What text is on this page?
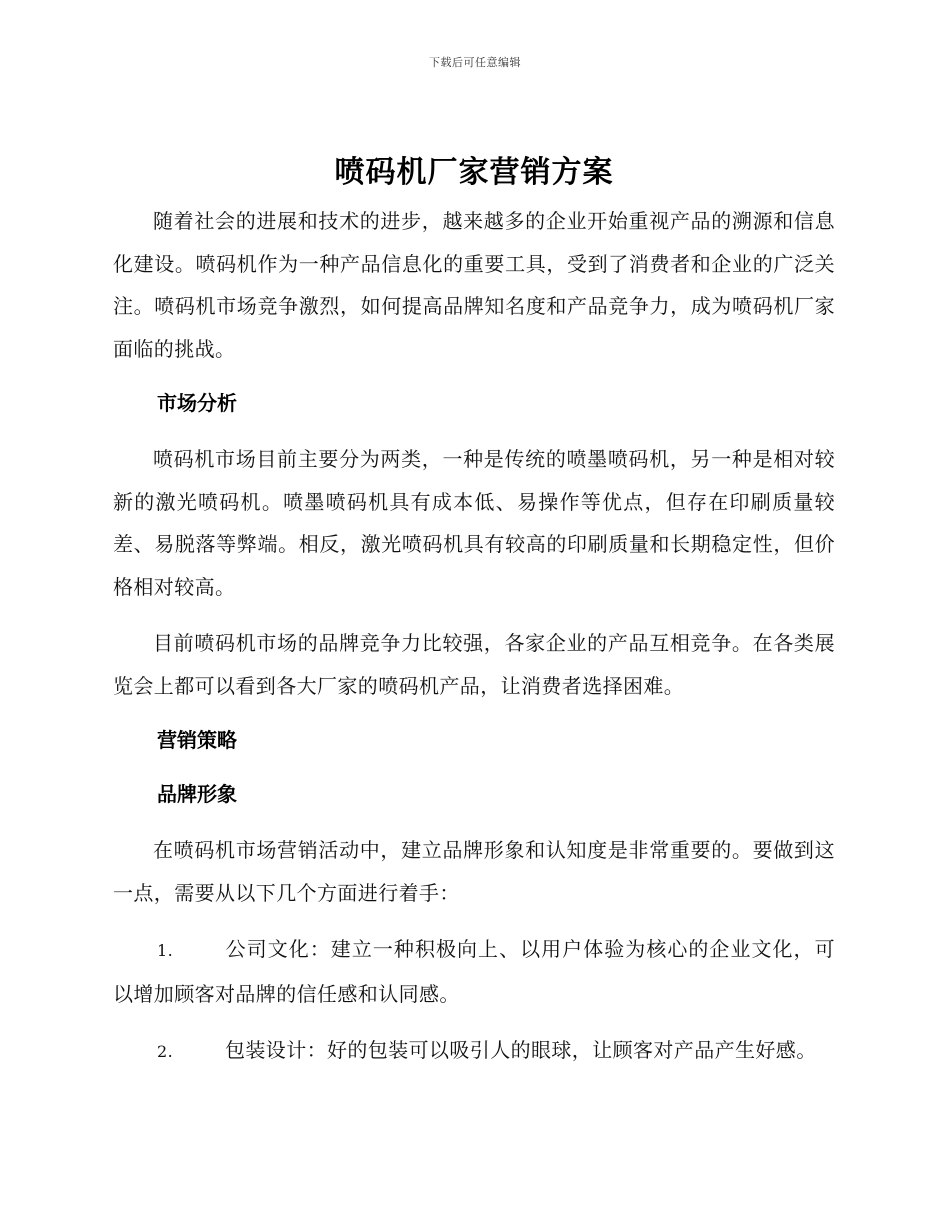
下载后可任意编辑
喷码机厂家营销方案

随着社会的进展和技术的进步，越来越多的企业开始重视产品的溯源和信息化建设。喷码机作为一种产品信息化的重要工具，受到了消费者和企业的广泛关注。喷码机市场竞争激烈，如何提高品牌知名度和产品竞争力，成为喷码机厂家面临的挑战。

市场分析

喷码机市场目前主要分为两类，一种是传统的喷墨喷码机，另一种是相对较新的激光喷码机。喷墨喷码机具有成本低、易操作等优点，但存在印刷质量较差、易脱落等弊端。相反，激光喷码机具有较高的印刷质量和长期稳定性，但价格相对较高。

目前喷码机市场的品牌竞争力比较强，各家企业的产品互相竞争。在各类展览会上都可以看到各大厂家的喷码机产品，让消费者选择困难。

营销策略
品牌形象

在喷码机市场营销活动中，建立品牌形象和认知度是非常重要的。要做到这一点，需要从以下几个方面进行着手：

1.	公司文化：建立一种积极向上、以用户体验为核心的企业文化，可以增加顾客对品牌的信任感和认同感。

2.	包装设计：好的包装可以吸引人的眼球，让顾客对产品产生好感。
